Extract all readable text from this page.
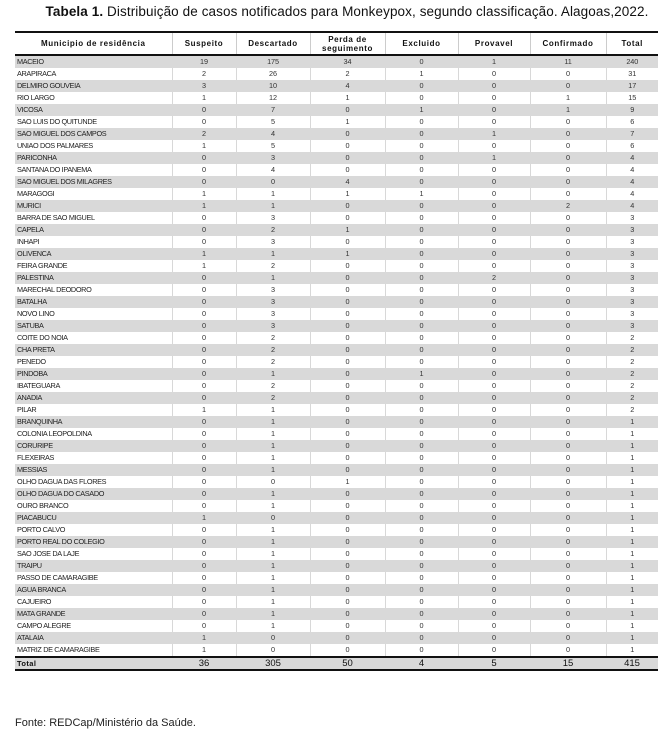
Tabela 1. Distribuição de casos notificados para Monkeypox, segundo classificação. Alagoas,2022.
Municipio de residência	Suspeito	Descartado	Perda de
seguimento	Excluido	Provavel	Confirmado	Total
MACEIO	19	175	34	0	1	11	240
ARAPIRACA	2	26	2	1	0	0	31
DELMIRO GOUVEIA	3	10	4	0	0	0	17
RIO LARGO	1	12	1	0	0	1	15
VICOSA	0	7	0	1	0	1	9
SAO LUIS DO QUITUNDE	0	5	1	0	0	0	6
SAO MIGUEL DOS CAMPOS	2	4	0	0	1	0	7
UNIAO DOS PALMARES	1	5	0	0	0	0	6
PARICONHA	0	3	0	0	1	0	4
SANTANA DO IPANEMA	0	4	0	0	0	0	4
SAO MIGUEL DOS MILAGRES	0	0	4	0	0	0	4
MARAGOGI	1	1	1	1	0	0	4
MURICI	1	1	0	0	0	2	4
BARRA DE SAO MIGUEL	0	3	0	0	0	0	3
CAPELA	0	2	1	0	0	0	3
INHAPI	0	3	0	0	0	0	3
OLIVENCA	1	1	1	0	0	0	3
FEIRA GRANDE	1	2	0	0	0	0	3
PALESTINA	0	1	0	0	2	0	3
MARECHAL DEODORO	0	3	0	0	0	0	3
BATALHA	0	3	0	0	0	0	3
NOVO LINO	0	3	0	0	0	0	3
SATUBA	0	3	0	0	0	0	3
COITE DO NOIA	0	2	0	0	0	0	2
CHA PRETA	0	2	0	0	0	0	2
PENEDO	0	2	0	0	0	0	2
PINDOBA	0	1	0	1	0	0	2
IBATEGUARA	0	2	0	0	0	0	2
ANADIA	0	2	0	0	0	0	2
PILAR	1	1	0	0	0	0	2
BRANQUINHA	0	1	0	0	0	0	1
COLONIA LEOPOLDINA	0	1	0	0	0	0	1
CORURIPE	0	1	0	0	0	0	1
FLEXEIRAS	0	1	0	0	0	0	1
MESSIAS	0	1	0	0	0	0	1
OLHO DAGUA DAS FLORES	0	0	1	0	0	0	1
OLHO DAGUA DO CASADO	0	1	0	0	0	0	1
OURO BRANCO	0	1	0	0	0	0	1
PIACABUCU	1	0	0	0	0	0	1
PORTO CALVO	0	1	0	0	0	0	1
PORTO REAL DO COLEGIO	0	1	0	0	0	0	1
SAO JOSE DA LAJE	0	1	0	0	0	0	1
TRAIPU	0	1	0	0	0	0	1
PASSO DE CAMARAGIBE	0	1	0	0	0	0	1
AGUA BRANCA	0	1	0	0	0	0	1
CAJUEIRO	0	1	0	0	0	0	1
MATA GRANDE	0	1	0	0	0	0	1
CAMPO ALEGRE	0	1	0	0	0	0	1
ATALAIA	1	0	0	0	0	0	1
MATRIZ DE CAMARAGIBE	1	0	0	0	0	0	1
Total	36	305	50	4	5	15	415
Fonte: REDCap/Ministério da Saúde.
